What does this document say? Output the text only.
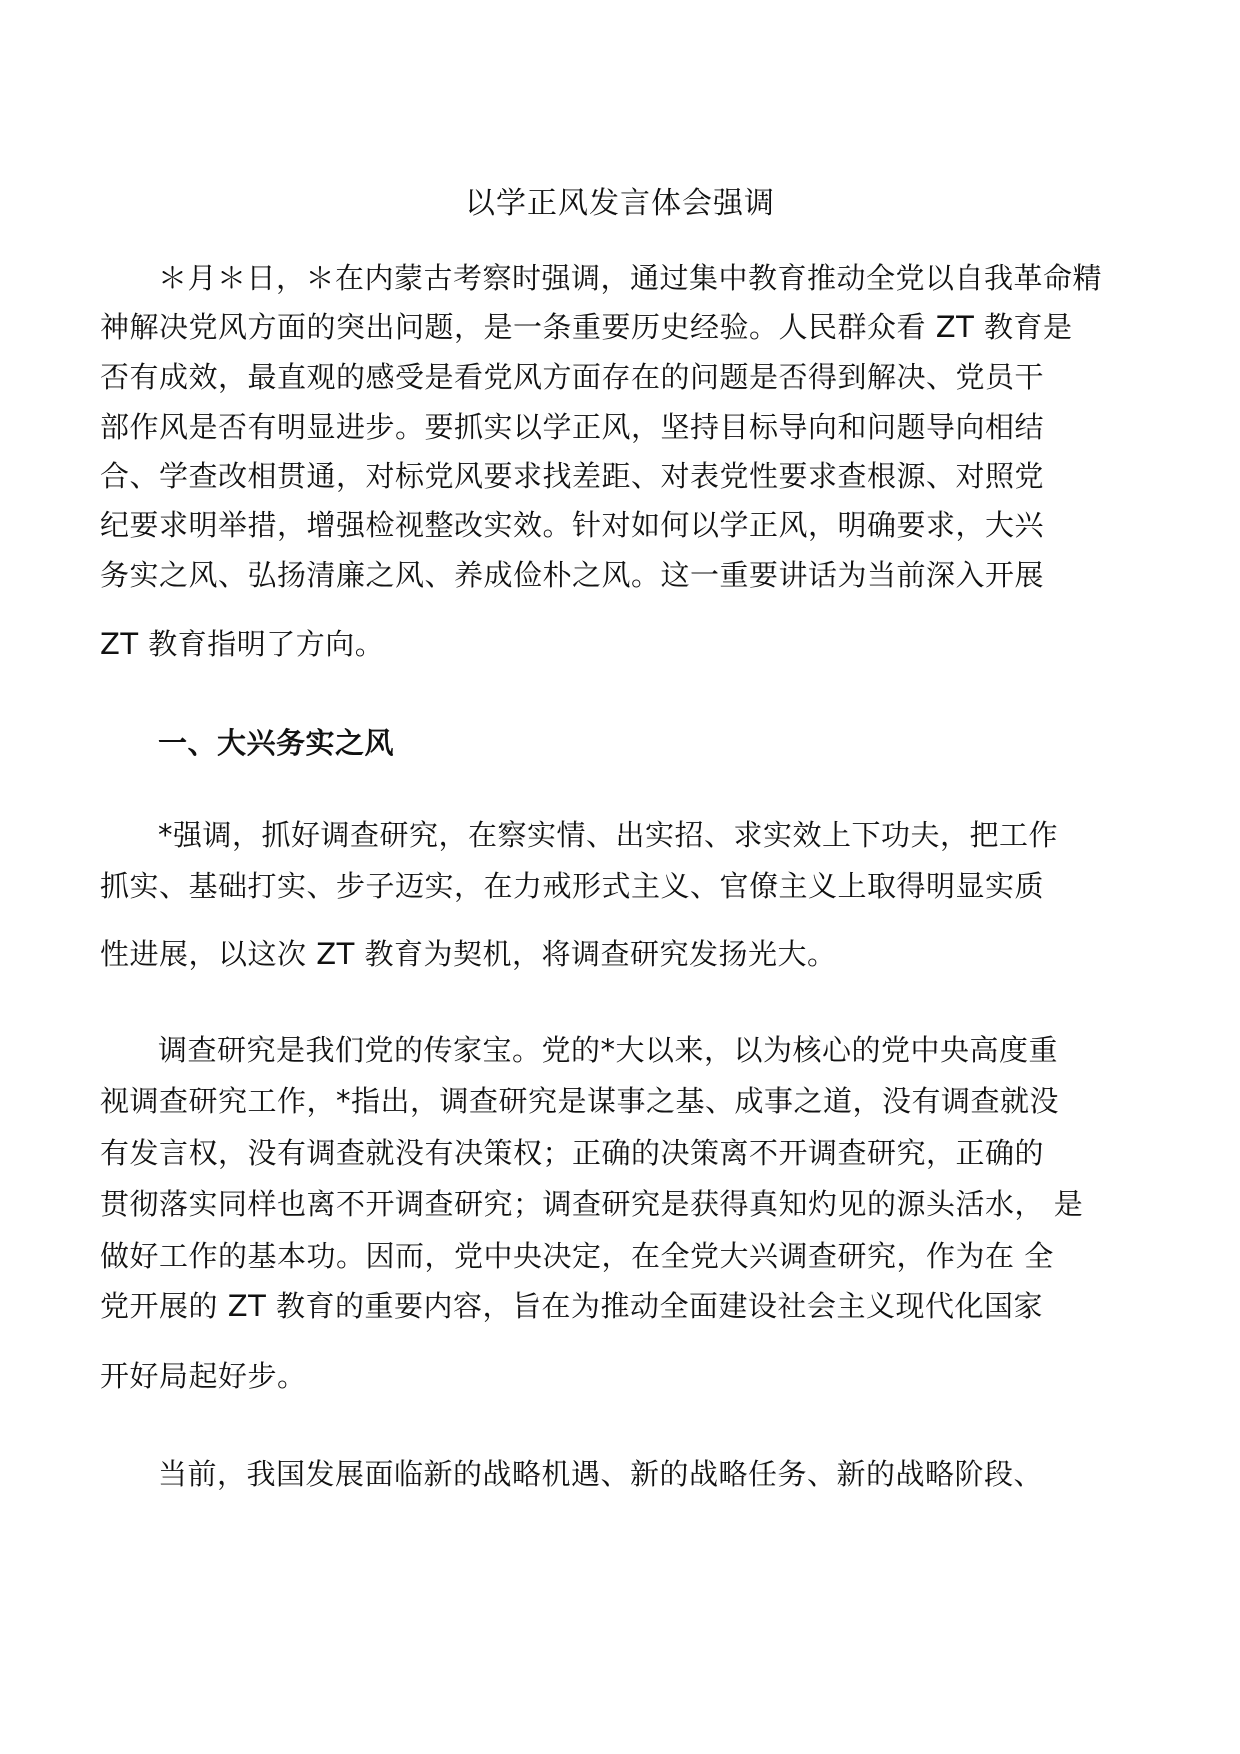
以学正风发言体会强调

＊月＊日，＊在内蒙古考察时强调，通过集中教育推动全党以自我革命精

神解决党风方面的突出问题，是一条重要历史经验。人民群众看 ZT 教育是

否有成效，最直观的感受是看党风方面存在的问题是否得到解决、党员干

部作风是否有明显进步。要抓实以学正风，坚持目标导向和问题导向相结

合、学查改相贯通，对标党风要求找差距、对表党性要求查根源、对照党

纪要求明举措，增强检视整改实效。针对如何以学正风，明确要求，大兴

务实之风、弘扬清廉之风、养成俭朴之风。这一重要讲话为当前深入开展

ZT 教育指明了方向。

一、大兴务实之风

*强调，抓好调查研究，在察实情、出实招、求实效上下功夫，把工作

抓实、基础打实、步子迈实，在力戒形式主义、官僚主义上取得明显实质

性进展，以这次 ZT 教育为契机，将调查研究发扬光大。

调查研究是我们党的传家宝。党的*大以来，以为核心的党中央高度重

视调查研究工作，*指出，调查研究是谋事之基、成事之道，没有调查就没

有发言权，没有调查就没有决策权；正确的决策离不开调查研究，正确的

贯彻落实同样也离不开调查研究；调查研究是获得真知灼见的源头活水， 是

做好工作的基本功。因而，党中央决定，在全党大兴调查研究，作为在 全

党开展的 ZT 教育的重要内容，旨在为推动全面建设社会主义现代化国家

开好局起好步。

当前，我国发展面临新的战略机遇、新的战略任务、新的战略阶段、
